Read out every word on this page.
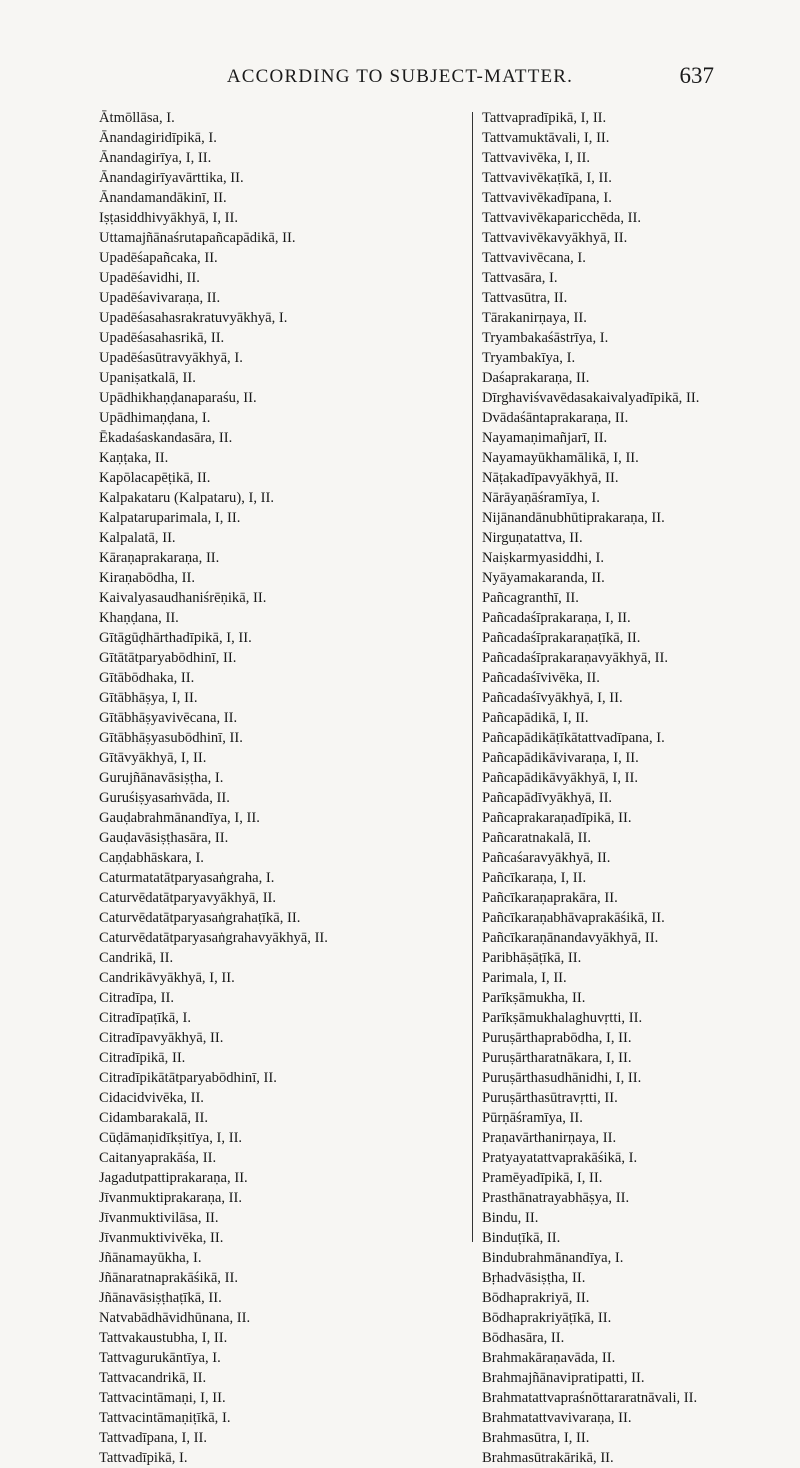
ACCORDING TO SUBJECT-MATTER.	637
Ātmōllāsa, I.
Ānandagiridīpikā, I.
Ānandagirīya, I, II.
Ānandagirīyavārttika, II.
Ānandamandākinī, II.
Iṣṭasiddhivyākhyā, I, II.
Uttamajñānaśrutapañcapādikā, II.
Upadēśapañcaka, II.
Upadēśavidhi, II.
Upadēśavivaraṇa, II.
Upadēśasahasrakratuvyākhyā, I.
Upadēśasahasrikā, II.
Upadēśasūtravyākhyā, I.
Upaniṣatkalā, II.
Upādhikhaṇḍanaparaśu, II.
Upādhimaṇḍana, I.
Ēkadaśaskandasāra, II.
Kaṇṭaka, II.
Kapōlacapēṭikā, II.
Kalpakataru (Kalpataru), I, II.
Kalpataruparimala, I, II.
Kalpalatā, II.
Kāraṇaprakaraṇa, II.
Kiraṇabōdha, II.
Kaivalyasaudhaniśrēṇikā, II.
Khaṇḍana, II.
Gītāgūḍhārthadīpikā, I, II.
Gītātātparyabōdhinī, II.
Gītābōdhaka, II.
Gītābhāṣya, I, II.
Gītābhāṣyavivēcana, II.
Gītābhāṣyasubōdhinī, II.
Gītāvyākhyā, I, II.
Gurujñānavāsiṣṭha, I.
Guruśiṣyasaṁvāda, II.
Gauḍabrahmānandīya, I, II.
Gauḍavāsiṣṭhasāra, II.
Caṇḍabhāskara, I.
Caturmatatātparyasaṅgraha, I.
Caturvēdatātparyavyākhyā, II.
Caturvēdatātparyasaṅgrahaṭīkā, II.
Caturvēdatātparyasaṅgrahavyākhyā, II.
Candrikā, II.
Candrikāvyākhyā, I, II.
Citradīpa, II.
Citradīpaṭīkā, I.
Citradīpavyākhyā, II.
Citradīpikā, II.
Citradīpikātātparyabōdhinī, II.
Cidacidvivēka, II.
Cidambarakalā, II.
Cūḍāmaṇidīkṣitīya, I, II.
Caitanyaprakāśa, II.
Jagadutpattiprakaraṇa, II.
Jīvanmuktiprakaraṇa, II.
Jīvanmuktivilāsa, II.
Jīvanmuktivivēka, II.
Jñānamayūkha, I.
Jñānaratnaprakāśikā, II.
Jñānavāsiṣṭhaṭīkā, II.
Natvabādhāvidhūnana, II.
Tattvakaustubha, I, II.
Tattvagurukāntīya, I.
Tattvacandrikā, II.
Tattvacintāmaṇi, I, II.
Tattvacintāmaṇiṭīkā, I.
Tattvadīpana, I, II.
Tattvadīpikā, I.
Tattvapradīpikā, I, II.
Tattvamuktāvali, I, II.
Tattvavivēka, I, II.
Tattvavivēkaṭīkā, I, II.
Tattvavivēkadīpana, I.
Tattvavivēkaparicchēda, II.
Tattvavivēkavyākhyā, II.
Tattvavivēcana, I.
Tattvasāra, I.
Tattvasūtra, II.
Tārakanirṇaya, II.
Tryambakaśāstrīya, I.
Tryambakīya, I.
Daśaprakaraṇa, II.
Dīrghaviśvavēdasakaivalyadīpikā, II.
Dvādaśāntaprakaraṇa, II.
Nayamaṇimañjarī, II.
Nayamayūkhamālikā, I, II.
Nāṭakadīpavyākhyā, II.
Nārāyaṇāśramīya, I.
Nijānandānubhūtiprakaraṇa, II.
Nirguṇatattva, II.
Naiṣkarmyasiddhi, I.
Nyāyamakaranda, II.
Pañcagranthī, II.
Pañcadaśīprakaraṇa, I, II.
Pañcadaśīprakaraṇaṭīkā, II.
Pañcadaśīprakaraṇavyākhyā, II.
Pañcadaśīvivēka, II.
Pañcadaśīvyākhyā, I, II.
Pañcapādikā, I, II.
Pañcapādikāṭīkātattvadīpana, I.
Pañcapādikāvivaraṇa, I, II.
Pañcapādikāvyākhyā, I, II.
Pañcapādīvyākhyā, II.
Pañcaprakaraṇadīpikā, II.
Pañcaratnakalā, II.
Pañcaśaravyākhyā, II.
Pañcīkaraṇa, I, II.
Pañcīkaraṇaprakāra, II.
Pañcīkaraṇabhāvaprakāśikā, II.
Pañcīkaraṇānandavyākhyā, II.
Paribhāṣāṭīkā, II.
Parimala, I, II.
Parīkṣāmukha, II.
Parīkṣāmukhalaghuvṛtti, II.
Puruṣārthaprabōdha, I, II.
Puruṣārtharatnākara, I, II.
Puruṣārthasudhānidhi, I, II.
Puruṣārthasūtravṛtti, II.
Pūrṇāśramīya, II.
Praṇavārthanirṇaya, II.
Pratyayatattvaprakāśikā, I.
Pramēyadīpikā, I, II.
Prasthānatrayabhāṣya, II.
Bindu, II.
Binduṭīkā, II.
Bindubrahmānandīya, I.
Bṛhadvāsiṣṭha, II.
Bōdhaprakriyā, II.
Bōdhaprakriyāṭīkā, II.
Bōdhasāra, II.
Brahmakāraṇavāda, II.
Brahmajñānavipratipatti, II.
Brahmatattvapraśnōttararatnāvali, II.
Brahmatattvavivaraṇa, II.
Brahmasūtra, I, II.
Brahmasūtrakārikā, II.
